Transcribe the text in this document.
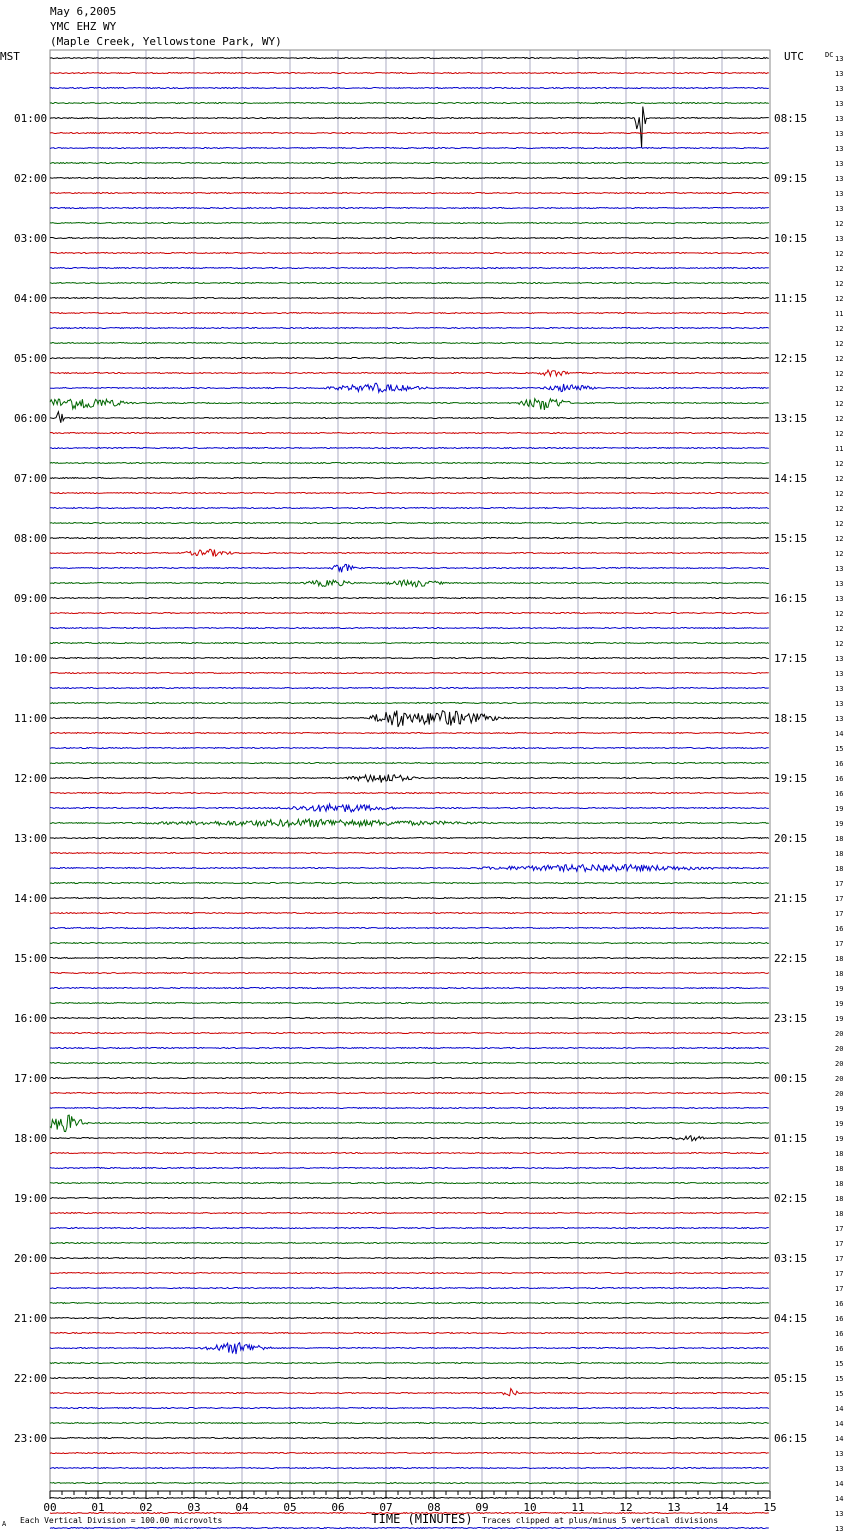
May 6,2005
YMC EHZ WY
(Maple Creek, Yellowstone Park, WY)
MST	UTC	DC
01:00	08:15
02:00	09:15
03:00	10:15
04:00	11:15
05:00	12:15
06:00	13:15
07:00	14:15
08:00	15:15
09:00	16:15
10:00	17:15
11:00	18:15
12:00	19:15
13:00	20:15
14:00	21:15
15:00	22:15
16:00	23:15
17:00	00:15
18:00	01:15
19:00	02:15
20:00	03:15
21:00	04:15
22:00	05:15
23:00	06:15
13
13
13
13
13
13
13
13
13
13
13
12
13
12
12
12
12
11
12
12
12
12
12
12
12
12
11
12
12
12
12
12
12
12
13
13
13
12
12
12
13
13
13
13
13
14
15
16
16
16
19
19
18
18
18
17
17
17
16
17
18
18
19
19
19
20
20
20
20
20
19
19
19
18
18
18
18
18
17
17
17
17
17
16
16
16
16
15
15
15
14
14
14
13
13
14
14
13
13
00	01	02	03	04	05	06	07	08	09	10	11	12	13	14	15
TIME (MINUTES)
A Each Vertical Division = 100.00 microvolts	Traces clipped at plus/minus 5 vertical divisions
